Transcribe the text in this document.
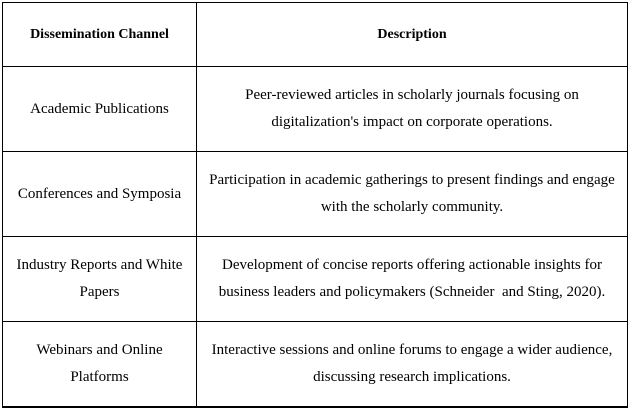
Dissemination Channel	Description
Academic Publications	Peer-reviewed articles in scholarly journals focusing on digitalization's impact on corporate operations.
Conferences and Symposia	Participation in academic gatherings to present findings and engage with the scholarly community.
Industry Reports and White Papers	Development of concise reports offering actionable insights for business leaders and policymakers (Schneider  and Sting, 2020).
Webinars and Online Platforms	Interactive sessions and online forums to engage a wider audience, discussing research implications.
